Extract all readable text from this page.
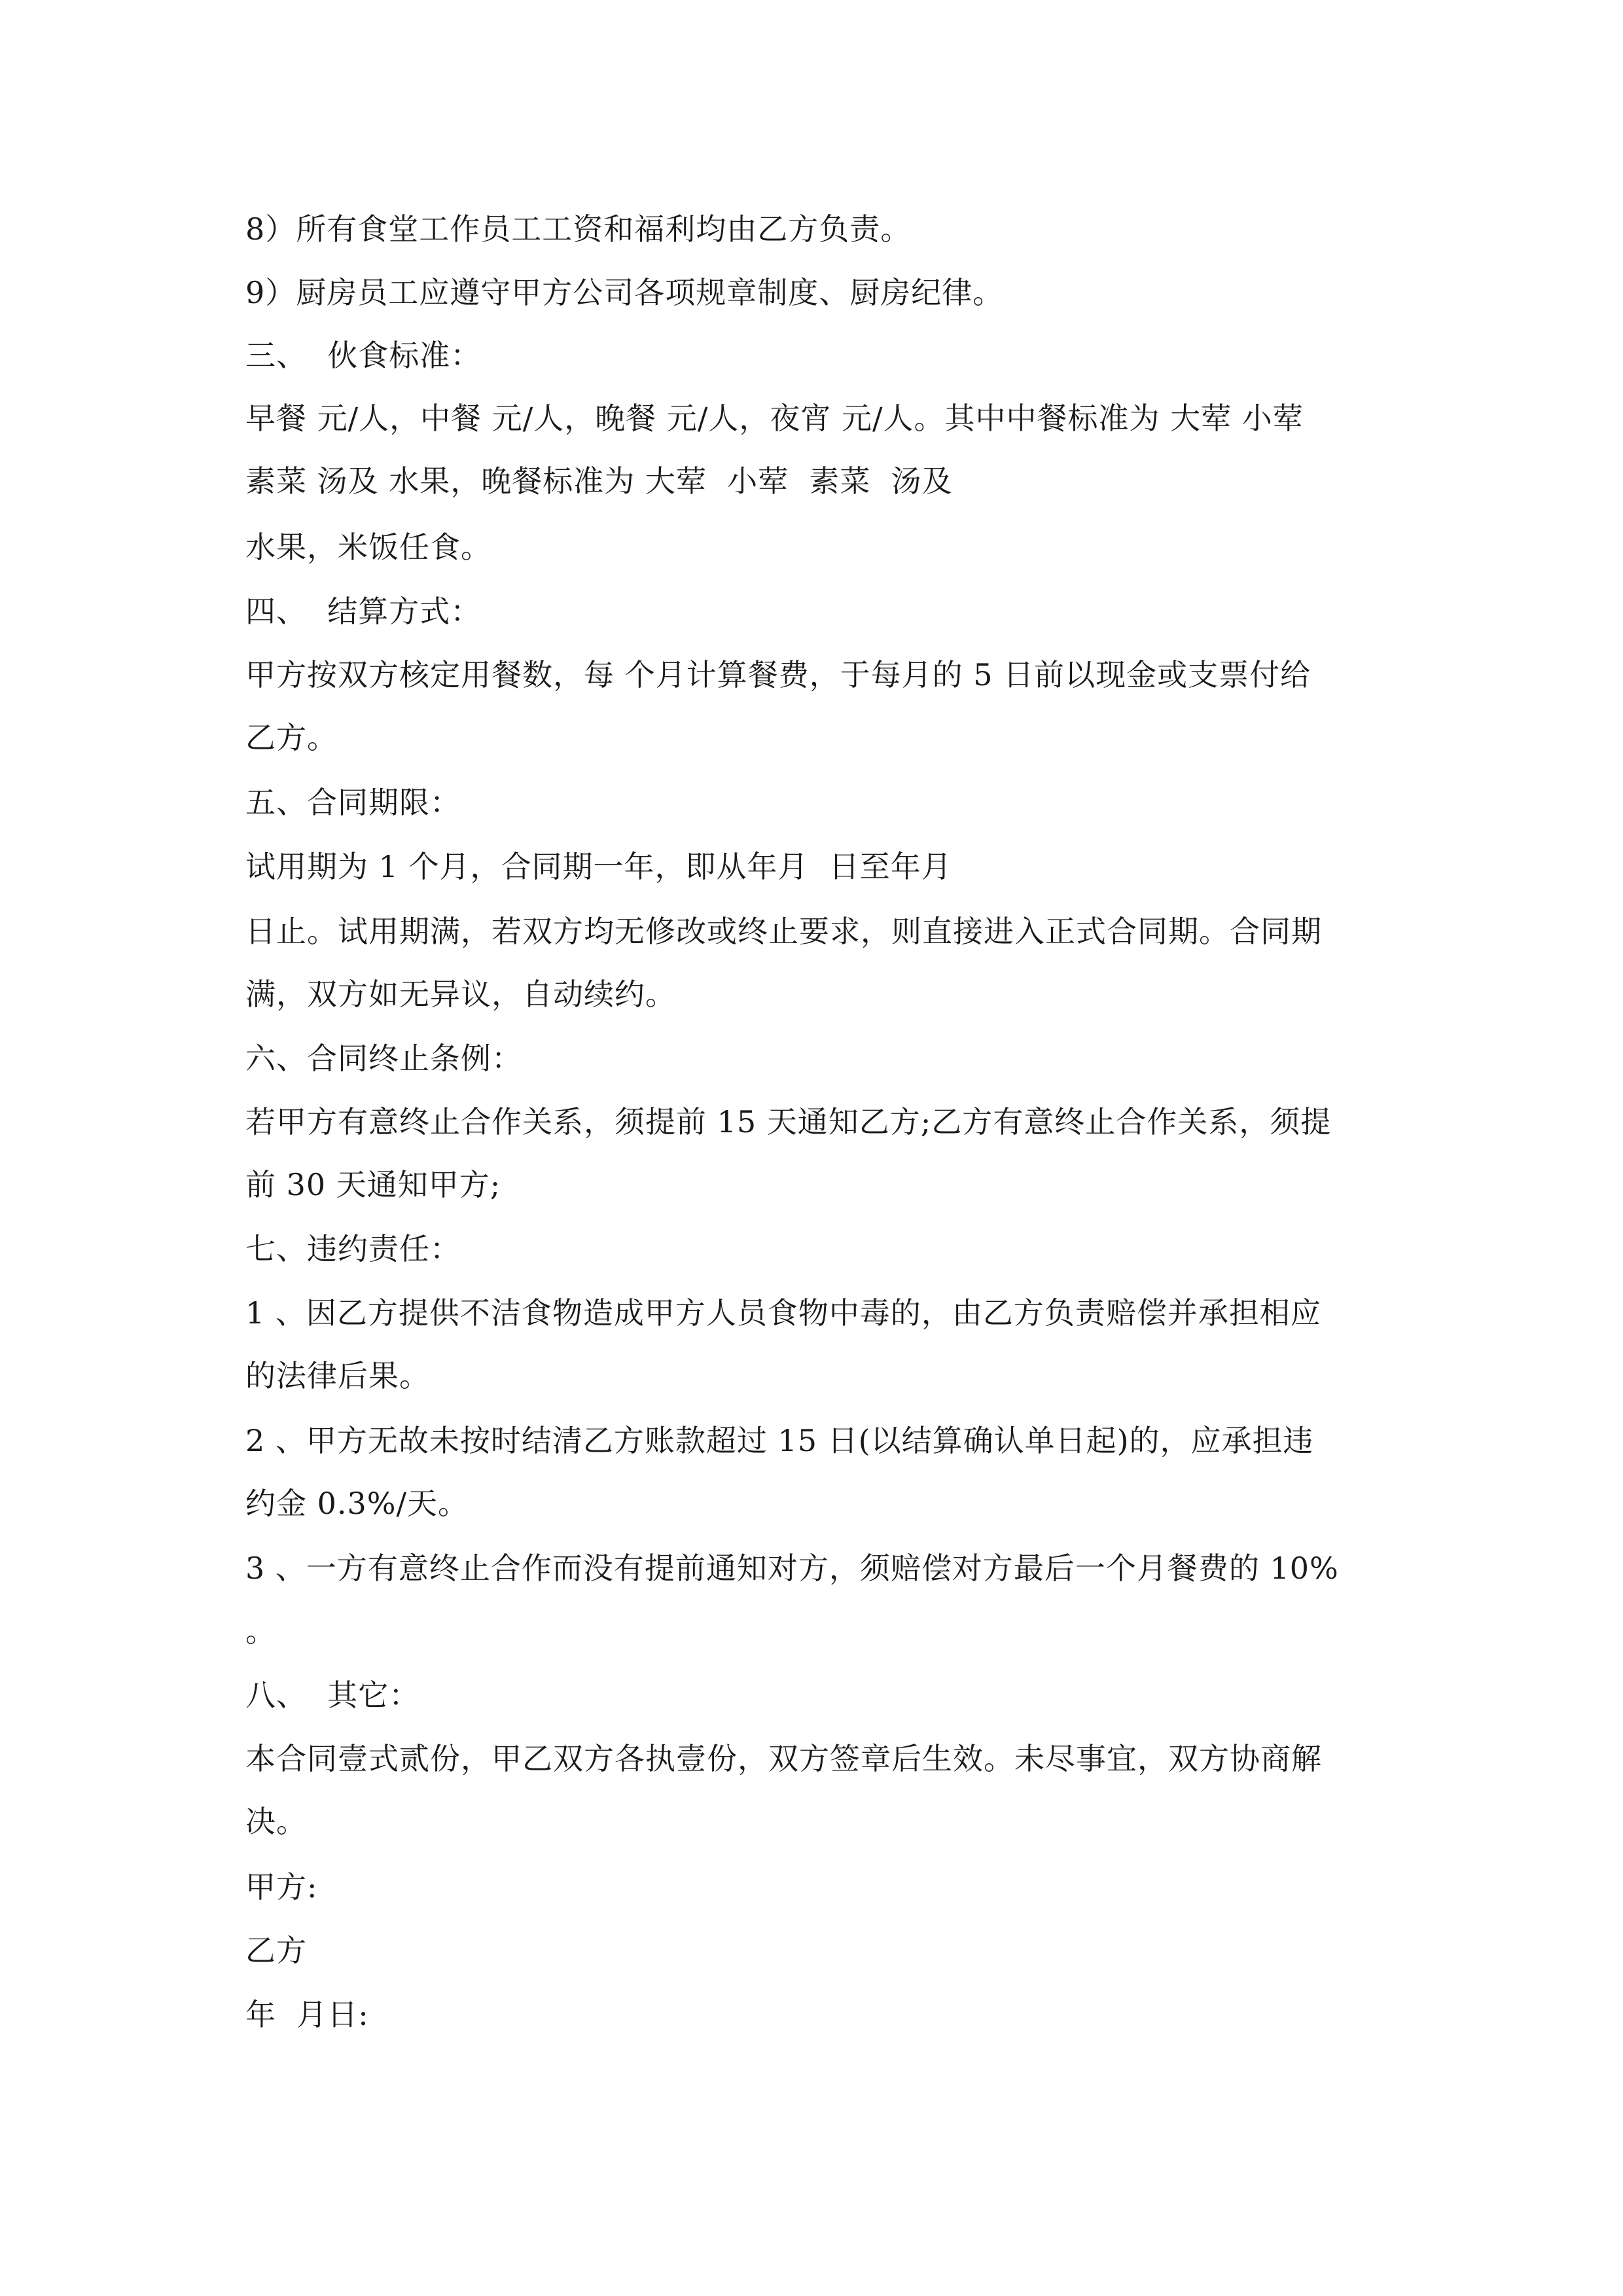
8）所有食堂工作员工工资和福利均由乙方负责。
9）厨房员工应遵守甲方公司各项规章制度、厨房纪律。
三、  伙食标准：
早餐 元/人，中餐 元/人，晚餐 元/人，夜宵 元/人。其中中餐标准为 大荤 小荤
素菜 汤及 水果，晚餐标准为 大荤  小荤  素菜  汤及
水果，米饭任食。
四、  结算方式：
甲方按双方核定用餐数，每 个月计算餐费，于每月的 5 日前以现金或支票付给
乙方。
五、合同期限：
试用期为 1 个月，合同期一年，即从年月  日至年月
日止。试用期满，若双方均无修改或终止要求，则直接进入正式合同期。合同期
满，双方如无异议，自动续约。
六、合同终止条例：
若甲方有意终止合作关系，须提前 15 天通知乙方;乙方有意终止合作关系，须提
前 30 天通知甲方;
七、违约责任：
1 、因乙方提供不洁食物造成甲方人员食物中毒的，由乙方负责赔偿并承担相应
的法律后果。
2 、甲方无故未按时结清乙方账款超过 15 日(以结算确认单日起)的，应承担违
约金 0.3%/天。
3 、一方有意终止合作而没有提前通知对方，须赔偿对方最后一个月餐费的 10%
。
八、  其它：
本合同壹式贰份，甲乙双方各执壹份，双方签章后生效。未尽事宜，双方协商解
决。
甲方:
乙方
年  月日:
